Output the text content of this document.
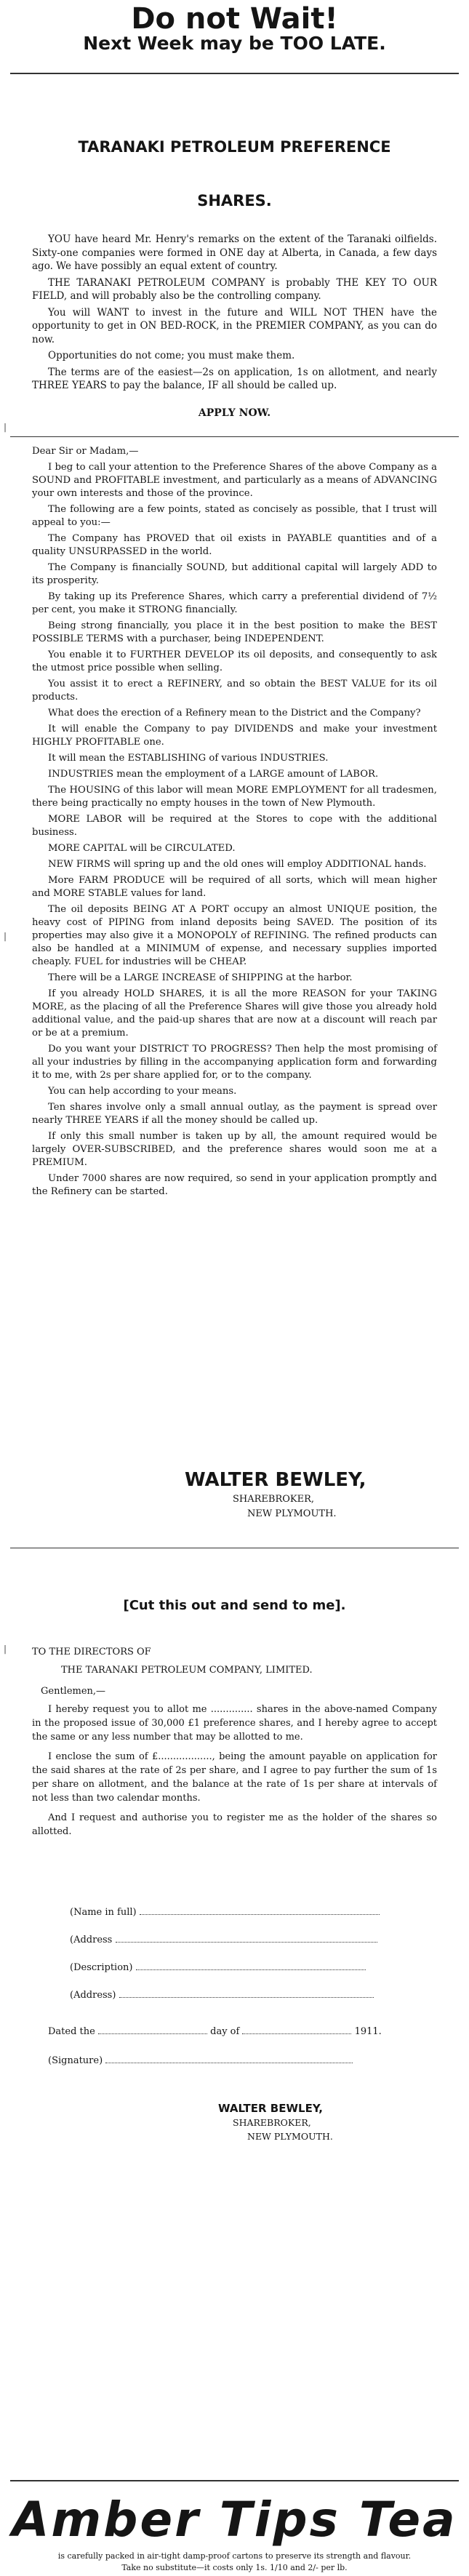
Do not Wait!
Next Week may be TOO LATE.
TARANAKI PETROLEUM PREFERENCE
SHARES.

YOU have heard Mr. Henry's remarks on the extent of the Taranaki oilfields. Sixty-one companies were formed in ONE day at Alberta, in Canada, a few days ago. We have possibly an equal extent of country.

THE TARANAKI PETROLEUM COMPANY is probably THE KEY TO OUR FIELD, and will probably also be the controlling company.

You will WANT to invest in the future and WILL NOT THEN have the opportunity to get in ON BED-ROCK, in the PREMIER COMPANY, as you can do now.

Opportunities do not come; you must make them.

The terms are of the easiest—2s on application, 1s on allotment, and nearly THREE YEARS to pay the balance, IF all should be called up.

APPLY NOW.

Dear Sir or Madam,—

I beg to call your attention to the Preference Shares of the above Company as a SOUND and PROFITABLE investment, and particularly as a means of ADVANCING your own interests and those of the province.

The following are a few points, stated as concisely as possible, that I trust will appeal to you:—

The Company has PROVED that oil exists in PAYABLE quantities and of a quality UNSURPASSED in the world.

The Company is financially SOUND, but additional capital will largely ADD to its prosperity.

By taking up its Preference Shares, which carry a preferential dividend of 7½ per cent, you make it STRONG financially.

Being strong financially, you place it in the best position to make the BEST POSSIBLE TERMS with a purchaser, being INDEPENDENT.

You enable it to FURTHER DEVELOP its oil deposits, and consequently to ask the utmost price possible when selling.

You assist it to erect a REFINERY, and so obtain the BEST VALUE for its oil products.

What does the erection of a Refinery mean to the District and the Company?

It will enable the Company to pay DIVIDENDS and make your investment HIGHLY PROFITABLE one.

It will mean the ESTABLISHING of various INDUSTRIES.

INDUSTRIES mean the employment of a LARGE amount of LABOR.

The HOUSING of this labor will mean MORE EMPLOYMENT for all tradesmen, there being practically no empty houses in the town of New Plymouth.

MORE LABOR will be required at the Stores to cope with the additional business.

MORE CAPITAL will be CIRCULATED.

NEW FIRMS will spring up and the old ones will employ ADDITIONAL hands.

More FARM PRODUCE will be required of all sorts, which will mean higher and MORE STABLE values for land.

The oil deposits BEING AT A PORT occupy an almost UNIQUE position, the heavy cost of PIPING from inland deposits being SAVED. The position of its properties may also give it a MONOPOLY of REFINING. The refined products can also be handled at a MINIMUM of expense, and necessary supplies imported cheaply. FUEL for industries will be CHEAP.

There will be a LARGE INCREASE of SHIPPING at the harbor.

If you already HOLD SHARES, it is all the more REASON for your TAKING MORE, as the placing of all the Preference Shares will give those you already hold additional value, and the paid-up shares that are now at a discount will reach par or be at a premium.

Do you want your DISTRICT TO PROGRESS? Then help the most promising of all your industries by filling in the accompanying application form and forwarding it to me, with 2s per share applied for, or to the company.

You can help according to your means.

Ten shares involve only a small annual outlay, as the payment is spread over nearly THREE YEARS if all the money should be called up.

If only this small number is taken up by all, the amount required would be largely OVER-SUBSCRIBED, and the preference shares would soon me at a PREMIUM.

Under 7000 shares are now required, so send in your application promptly and the Refinery can be started.

WALTER BEWLEY,
SHAREBROKER,
NEW PLYMOUTH.
[Cut this out and send to me].

TO THE DIRECTORS OF

THE TARANAKI PETROLEUM COMPANY, LIMITED.

Gentlemen,—

I hereby request you to allot me .............. shares in the above-named Company in the proposed issue of 30,000 £1 preference shares, and I hereby agree to accept the same or any less number that may be allotted to me.

I enclose the sum of £.................., being the amount payable on application for the said shares at the rate of 2s per share, and I agree to pay further the sum of 1s per share on allotment, and the balance at the rate of 1s per share at intervals of not less than two calendar months.

And I request and authorise you to register me as the holder of the shares so allotted.

(Name in full)
(Address
(Description)
(Address)
Dated the	day of	1911.
(Signature)
WALTER BEWLEY,
SHAREBROKER,
NEW PLYMOUTH.
Amber Tips Tea
is carefully packed in air-tight damp-proof cartons to preserve its strength and flavour.
Take no substitute—it costs only 1s. 1/10 and 2/- per lb.
|
|
|
